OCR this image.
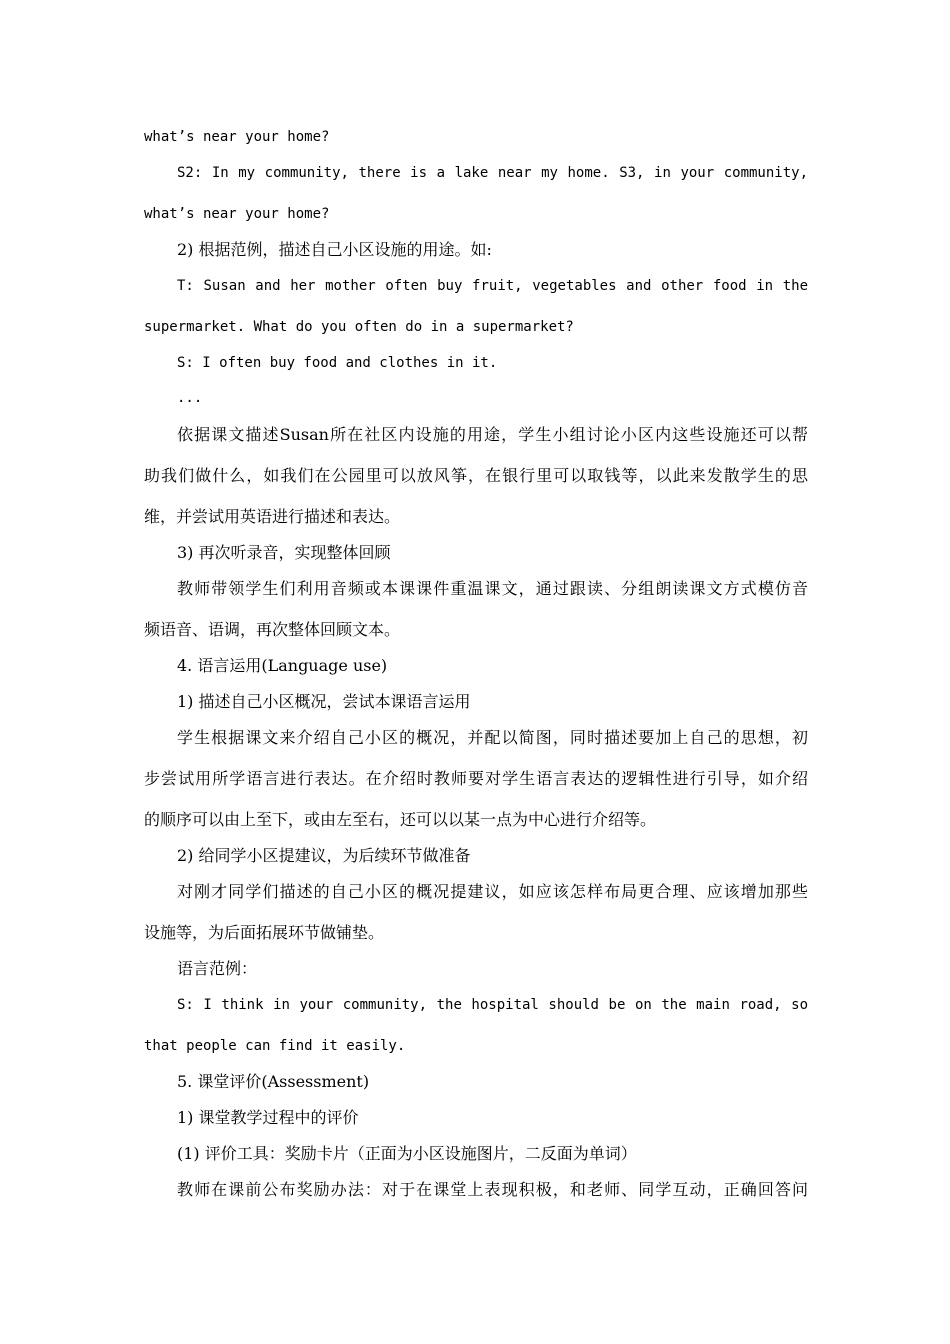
what’s near your home?
S2: In my community, there is a lake near my home. S3, in your community,
what’s near your home?
2) 根据范例，描述自己小区设施的用途。如:
T: Susan and her mother often buy fruit, vegetables and other food in the
supermarket. What do you often do in a supermarket?
S: I often buy food and clothes in it.
...
依据课文描述Susan所在社区内设施的用途，学生小组讨论小区内这些设施还可以帮
助我们做什么，如我们在公园里可以放风筝，在银行里可以取钱等，以此来发散学生的思
维，并尝试用英语进行描述和表达。
3) 再次听录音，实现整体回顾
教师带领学生们利用音频或本课课件重温课文，通过跟读、分组朗读课文方式模仿音
频语音、语调，再次整体回顾文本。
4. 语言运用(Language use)
1) 描述自己小区概况，尝试本课语言运用
学生根据课文来介绍自己小区的概况，并配以简图，同时描述要加上自己的思想，初
步尝试用所学语言进行表达。在介绍时教师要对学生语言表达的逻辑性进行引导，如介绍
的顺序可以由上至下，或由左至右，还可以以某一点为中心进行介绍等。
2) 给同学小区提建议，为后续环节做准备
对刚才同学们描述的自己小区的概况提建议，如应该怎样布局更合理、应该增加那些
设施等，为后面拓展环节做铺垫。
语言范例：
S: I think in your community, the hospital should be on the main road, so
that people can find it easily.
5. 课堂评价(Assessment)
1) 课堂教学过程中的评价
(1) 评价工具：奖励卡片（正面为小区设施图片，二反面为单词）
教师在课前公布奖励办法：对于在课堂上表现积极，和老师、同学互动，正确回答问
